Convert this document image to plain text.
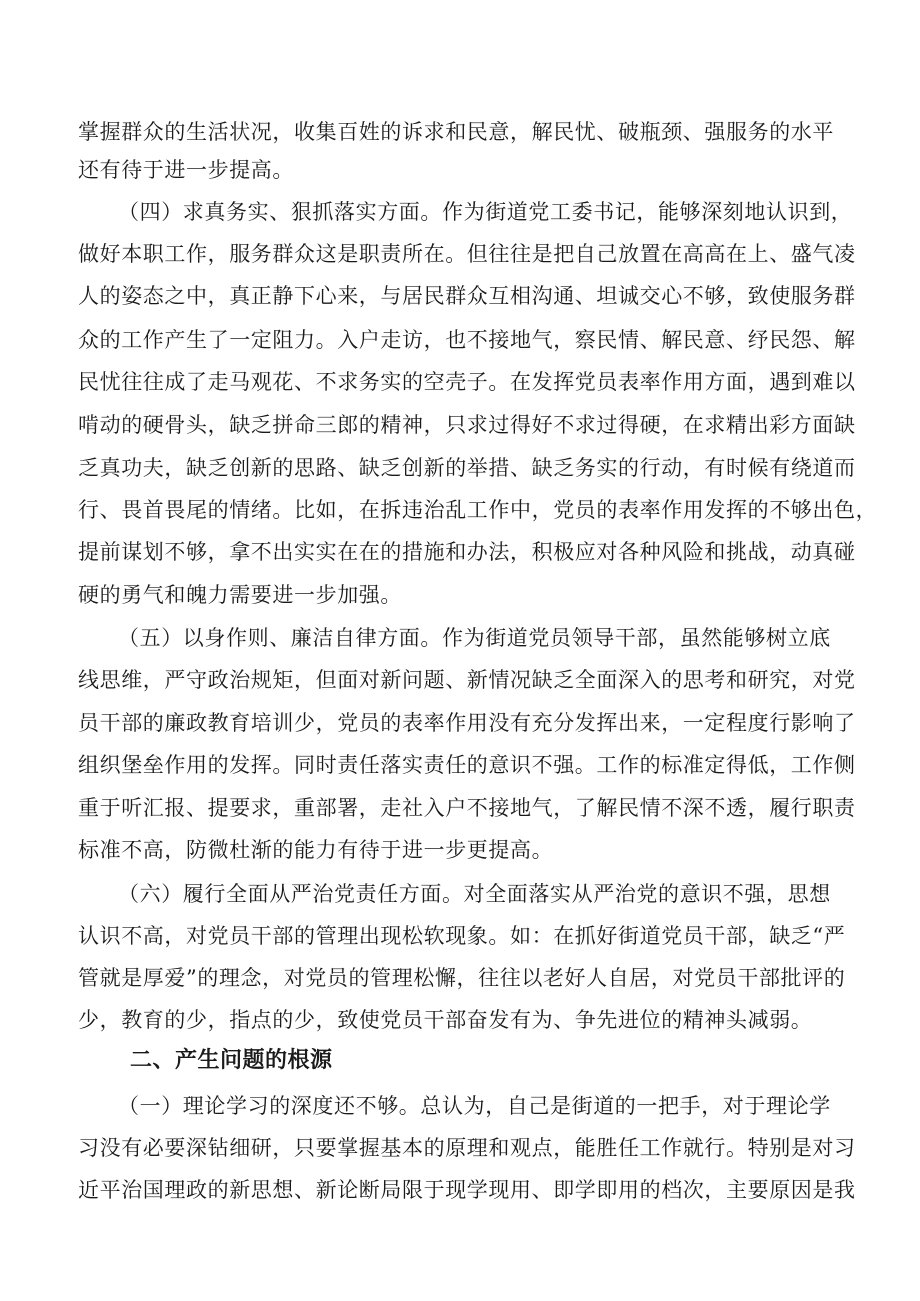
掌握群众的生活状况，收集百姓的诉求和民意，解民忧、破瓶颈、强服务的水平
还有待于进一步提高。
（四）求真务实、狠抓落实方面。作为街道党工委书记，能够深刻地认识到，
做好本职工作，服务群众这是职责所在。但往往是把自己放置在高高在上、盛气凌
人的姿态之中，真正静下心来，与居民群众互相沟通、坦诚交心不够，致使服务群
众的工作产生了一定阻力。入户走访，也不接地气，察民情、解民意、纾民怨、解
民忧往往成了走马观花、不求务实的空壳子。在发挥党员表率作用方面，遇到难以
啃动的硬骨头，缺乏拼命三郎的精神，只求过得好不求过得硬，在求精出彩方面缺
乏真功夫，缺乏创新的思路、缺乏创新的举措、缺乏务实的行动，有时候有绕道而
行、畏首畏尾的情绪。比如，在拆违治乱工作中，党员的表率作用发挥的不够出色，
提前谋划不够，拿不出实实在在的措施和办法，积极应对各种风险和挑战，动真碰
硬的勇气和魄力需要进一步加强。
（五）以身作则、廉洁自律方面。作为街道党员领导干部，虽然能够树立底
线思维，严守政治规矩，但面对新问题、新情况缺乏全面深入的思考和研究，对党
员干部的廉政教育培训少，党员的表率作用没有充分发挥出来，一定程度行影响了
组织堡垒作用的发挥。同时责任落实责任的意识不强。工作的标准定得低，工作侧
重于听汇报、提要求，重部署，走社入户不接地气，了解民情不深不透，履行职责
标准不高，防微杜渐的能力有待于进一步更提高。
（六）履行全面从严治党责任方面。对全面落实从严治党的意识不强，思想
认识不高，对党员干部的管理出现松软现象。如：在抓好街道党员干部，缺乏“严
管就是厚爱”的理念，对党员的管理松懈，往往以老好人自居，对党员干部批评的
少，教育的少，指点的少，致使党员干部奋发有为、争先进位的精神头减弱。
二、产生问题的根源
（一）理论学习的深度还不够。总认为，自己是街道的一把手，对于理论学
习没有必要深钻细研，只要掌握基本的原理和观点，能胜任工作就行。特别是对习
近平治国理政的新思想、新论断局限于现学现用、即学即用的档次，主要原因是我
